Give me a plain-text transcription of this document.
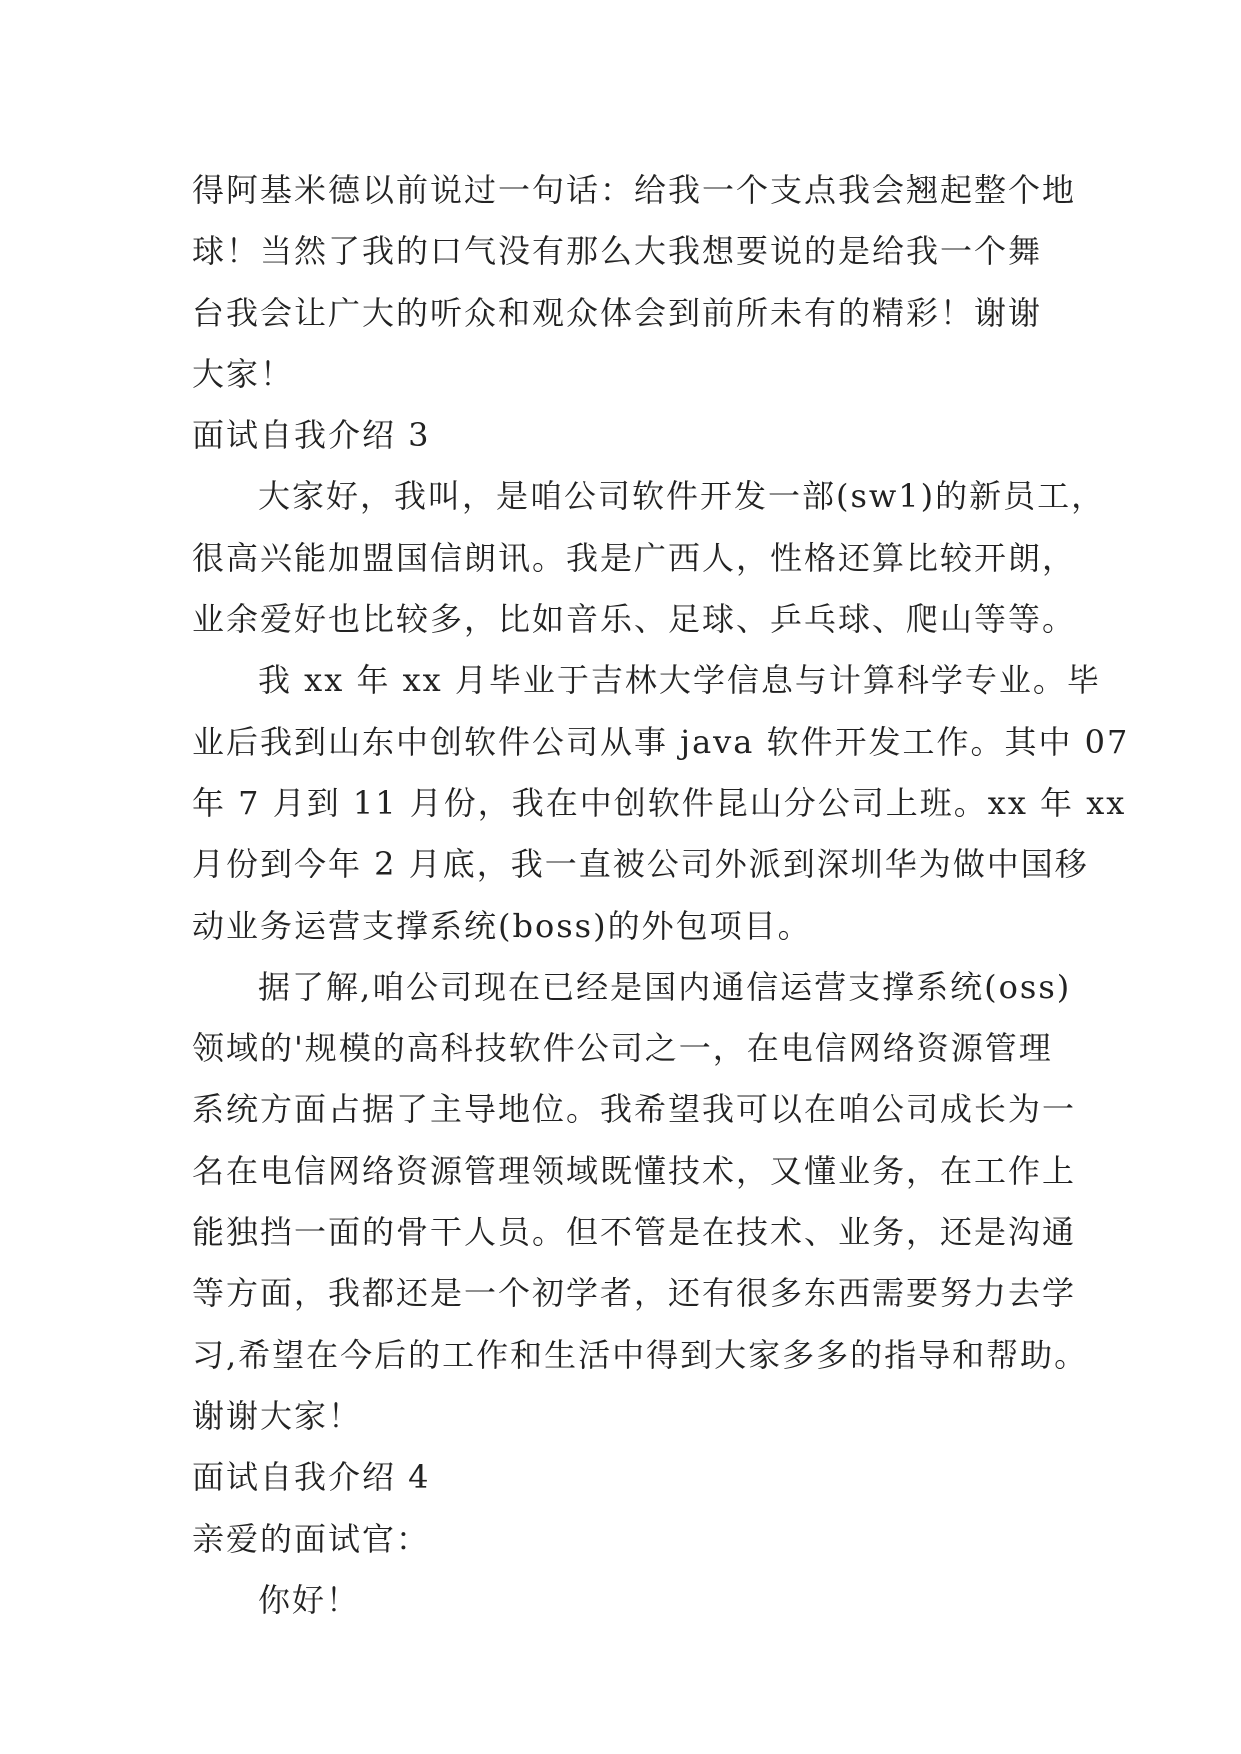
得阿基米德以前说过一句话：给我一个支点我会翘起整个地
球！当然了我的口气没有那么大我想要说的是给我一个舞
台我会让广大的听众和观众体会到前所未有的精彩！谢谢
大家！
面试自我介绍 3
大家好，我叫，是咱公司软件开发一部(sw1)的新员工，
很高兴能加盟国信朗讯。我是广西人，性格还算比较开朗，
业余爱好也比较多，比如音乐、足球、乒乓球、爬山等等。
我 xx 年 xx 月毕业于吉林大学信息与计算科学专业。毕
业后我到山东中创软件公司从事 java 软件开发工作。其中 07
年 7 月到 11 月份，我在中创软件昆山分公司上班。xx 年 xx
月份到今年 2 月底，我一直被公司外派到深圳华为做中国移
动业务运营支撑系统(boss)的外包项目。
据了解,咱公司现在已经是国内通信运营支撑系统(oss)
领域的'规模的高科技软件公司之一，在电信网络资源管理
系统方面占据了主导地位。我希望我可以在咱公司成长为一
名在电信网络资源管理领域既懂技术，又懂业务，在工作上
能独挡一面的骨干人员。但不管是在技术、业务，还是沟通
等方面，我都还是一个初学者，还有很多东西需要努力去学
习,希望在今后的工作和生活中得到大家多多的指导和帮助。
谢谢大家！
面试自我介绍 4
亲爱的面试官：
你好！
